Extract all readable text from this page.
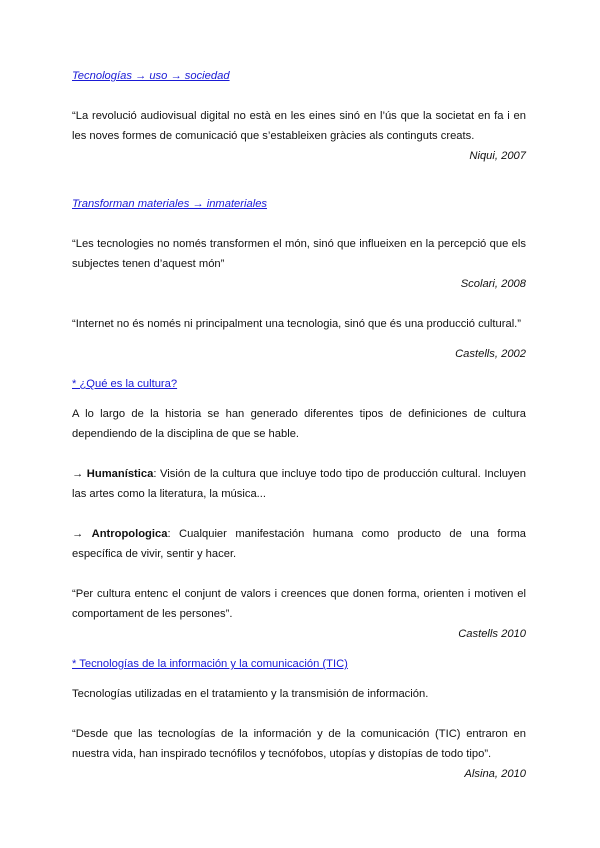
Tecnologías → uso → sociedad

“La revolució audiovisual digital no està en les eines sinó en l’ús que la societat en fa i en les noves formes de comunicació que s’estableixen gràcies als continguts creats.

Niqui, 2007
Transforman materiales → inmateriales

“Les tecnologies no només transformen el món, sinó que influeixen en la percepció que els subjectes tenen d’aquest món”

Scolari, 2008

“Internet no és només ni principalment una tecnologia, sinó que és una producció cultural.”

Castells, 2002
* ¿Qué es la cultura?

A lo largo de la historia se han generado diferentes tipos de definiciones de cultura dependiendo de la disciplina de que se hable.

→ Humanística: Visión de la cultura que incluye todo tipo de producción cultural. Incluyen las artes como la literatura, la música...

→ Antropologica: Cualquier manifestación humana como producto de una forma específica de vivir, sentir y hacer.

“Per cultura entenc el conjunt de valors i creences que donen forma, orienten i motiven el comportament de les persones”.

Castells 2010
* Tecnologías de la información y la comunicación (TIC)

Tecnologías utilizadas en el tratamiento y la transmisión de información.

“Desde que las tecnologías de la información y de la comunicación (TIC) entraron en nuestra vida, han inspirado tecnófilos y tecnófobos, utopías y distopías de todo tipo”.

Alsina, 2010
